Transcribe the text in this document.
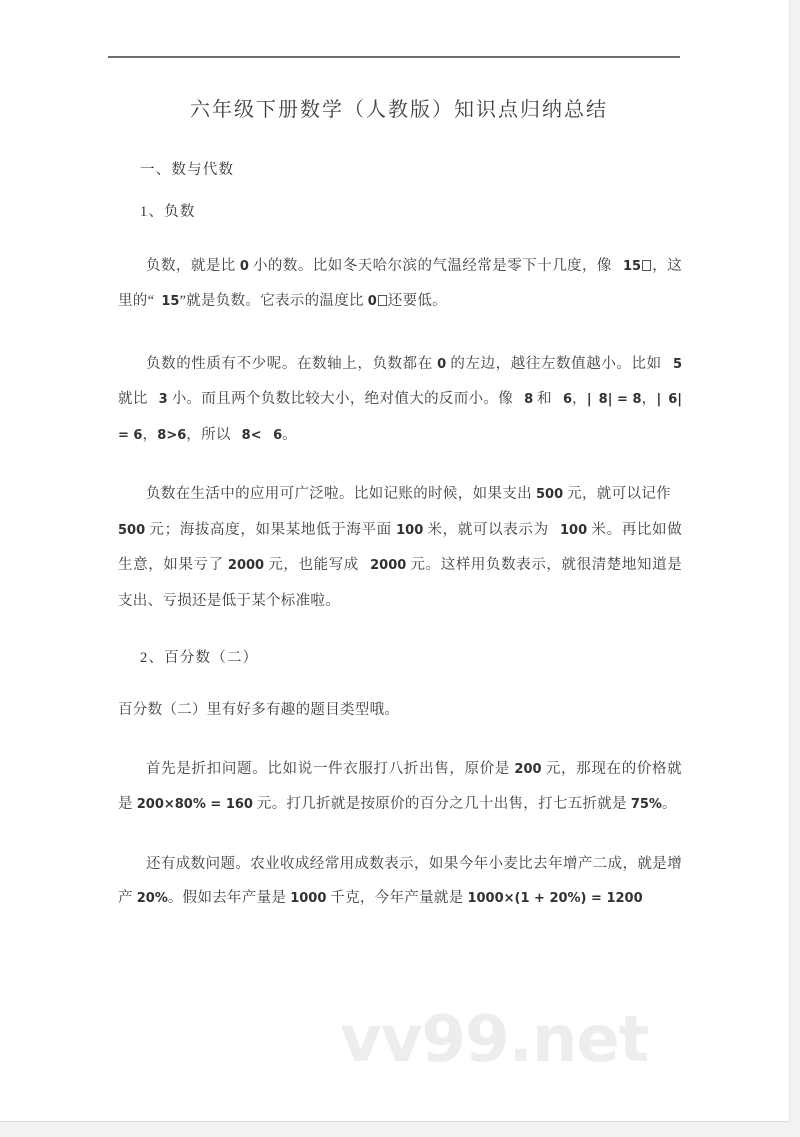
vv99.net
六年级下册数学（人教版）知识点归纳总结
一、数与代数
1、负数

负数，就是比 0 小的数。比如冬天哈尔滨的气温经常是零下十几度，像 15 ，这里的“ 15”就是负数。它表示的温度比 0 还要低。

负数的性质有不少呢。在数轴上，负数都在 0 的左边，越往左数值越小。比如 5 就比 3 小。而且两个负数比较大小，绝对值大的反而小。像 8 和 6，| 8| = 8，| 6| = 6，8>6，所以 8< 6。

负数在生活中的应用可广泛啦。比如记账的时候，如果支出 500 元，就可以记作 500 元；海拔高度，如果某地低于海平面 100 米，就可以表示为 100 米。再比如做生意，如果亏了 2000 元，也能写成 2000 元。这样用负数表示，就很清楚地知道是支出、亏损还是低于某个标准啦。

2、百分数（二）

百分数（二）里有好多有趣的题目类型哦。

首先是折扣问题。比如说一件衣服打八折出售，原价是 200 元，那现在的价格就是 200×80% = 160 元。打几折就是按原价的百分之几十出售，打七五折就是 75%。

还有成数问题。农业收成经常用成数表示，如果今年小麦比去年增产二成，就是增产 20%。假如去年产量是 1000 千克，今年产量就是 1000×(1 + 20%) = 1200
